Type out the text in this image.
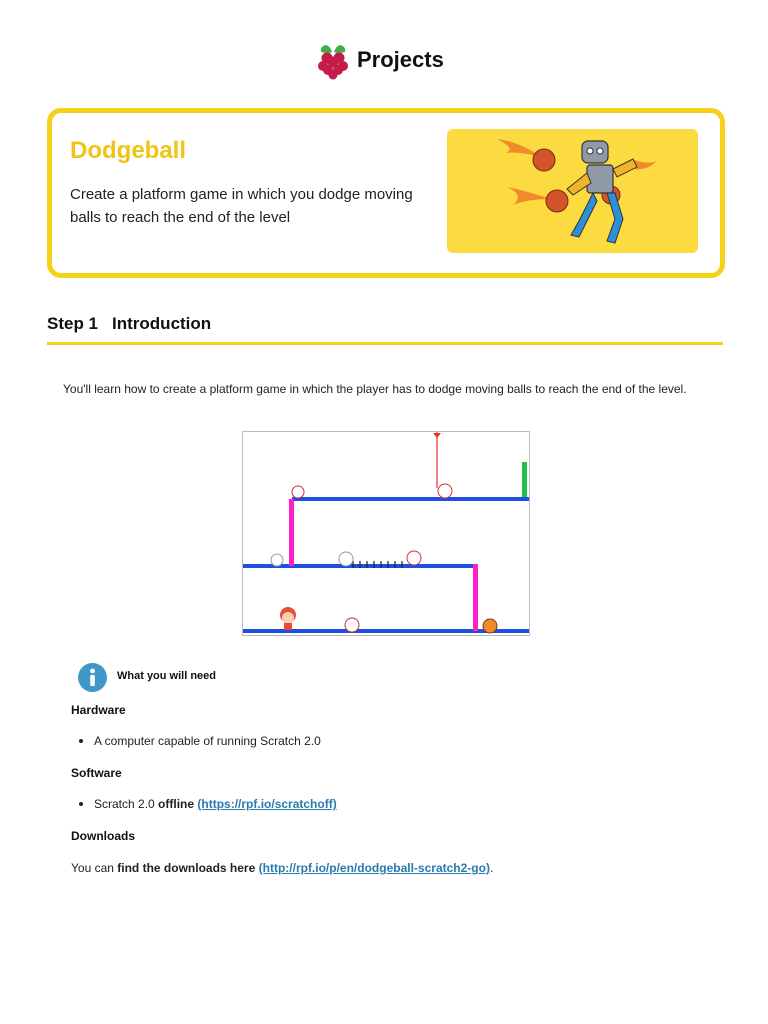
Projects
Dodgeball
Create a platform game in which you dodge moving balls to reach the end of the level
Step 1 Introduction
You'll learn how to create a platform game in which the player has to dodge moving balls to reach the end of the level.
What you will need
Hardware
A computer capable of running Scratch 2.0
Software
Scratch 2.0 offline (https://rpf.io/scratchoff)
Downloads
You can find the downloads here (http://rpf.io/p/en/dodgeball-scratch2-go).
